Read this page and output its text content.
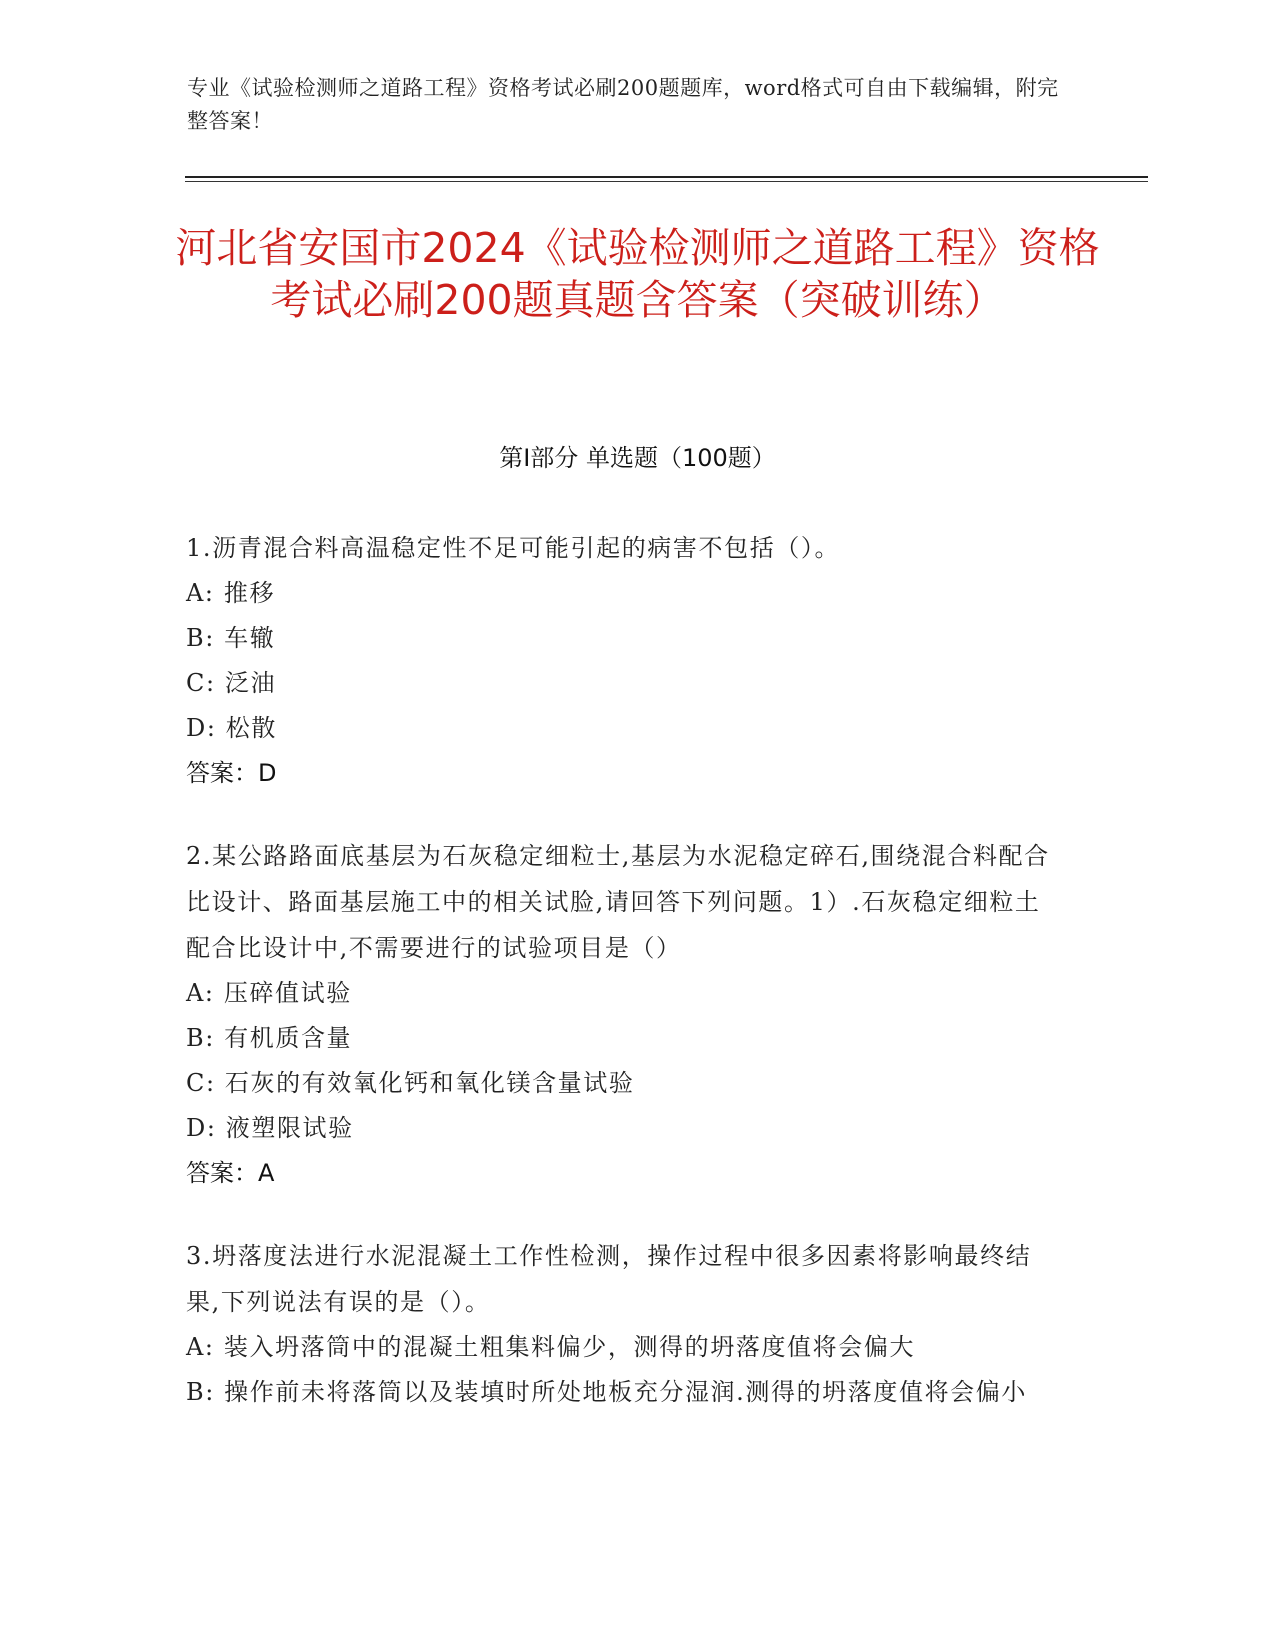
专业《试验检测师之道路工程》资格考试必刷200题题库，word格式可自由下载编辑，附完整答案！
河北省安国市2024《试验检测师之道路工程》资格考试必刷200题真题含答案（突破训练）
第I部分 单选题（100题）
1.沥青混合料高温稳定性不足可能引起的病害不包括（）。
A: 推移
B: 车辙
C: 泛油
D: 松散
答案：D
2.某公路路面底基层为石灰稳定细粒士,基层为水泥稳定碎石,围绕混合料配合比设计、路面基层施工中的相关试脸,请回答下列问题。1）.石灰稳定细粒土配合比设计中,不需要进行的试验项目是（）
A: 压碎值试验
B: 有机质含量
C: 石灰的有效氧化钙和氧化镁含量试验
D: 液塑限试验
答案：A
3.坍落度法进行水泥混凝土工作性检测，操作过程中很多因素将影响最终结果,下列说法有误的是（）。
A: 装入坍落筒中的混凝土粗集料偏少，测得的坍落度值将会偏大
B: 操作前未将落筒以及装填时所处地板充分湿润.测得的坍落度值将会偏小
